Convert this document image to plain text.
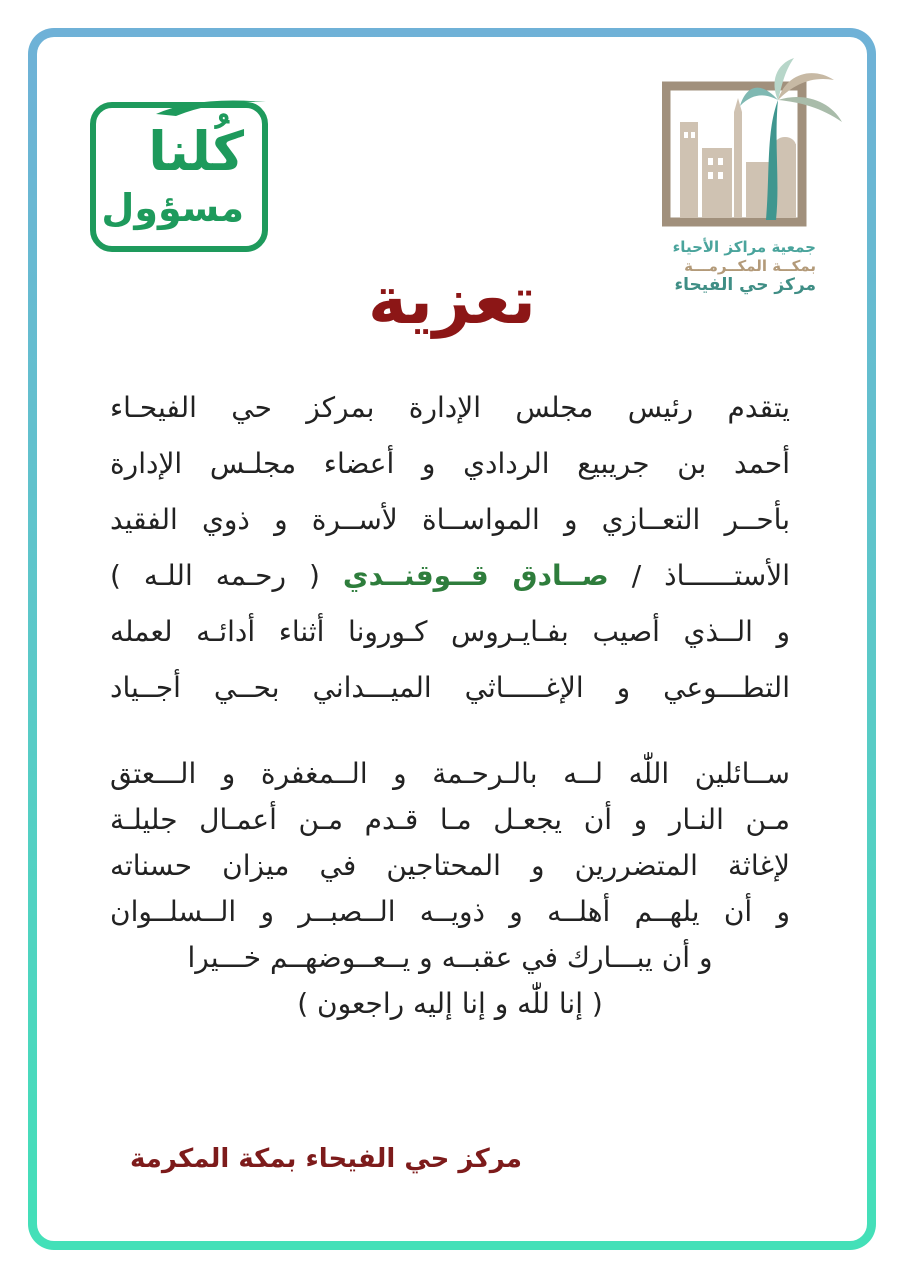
كُلنا
مسؤول
جمعية مراكز الأحياء
بمكــة المكــرمـــة
مركز حي الفيحاء
تعزية
يتقدم رئيس مجلس الإدارة بمركز حي الفيحـاء
أحمد بن جريبيع الردادي و أعضاء مجلـس الإدارة
بأحــر التعــازي و المواســاة لأســرة و ذوي الفقيد
الأستــــــاذ / صــادق قــوقنــدي ( رحـمه اللـه )
و الــذي أصيب بفـايـروس كـورونا أثناء أدائـه لعمله
التطـــوعي و الإغـــــاثي الميـــداني بحــي أجــياد
ســائلين اللّٰه لــه بالـرحـمة و الــمغفرة و الـــعتق
مـن النـار و أن يجعـل مـا قـدم مـن أعمـال جليلـة
لإغاثة المتضررين و المحتاجين في ميزان حسناته
و أن يلهــم أهلــه و ذويــه الــصبــر و الــسلــوان
و أن يبـــارك في عقبــه و يــعــوضهــم خـــيرا
( إنا للّٰه و إنا إليه راجعون )
مركز حي الفيحاء بمكة المكرمة
